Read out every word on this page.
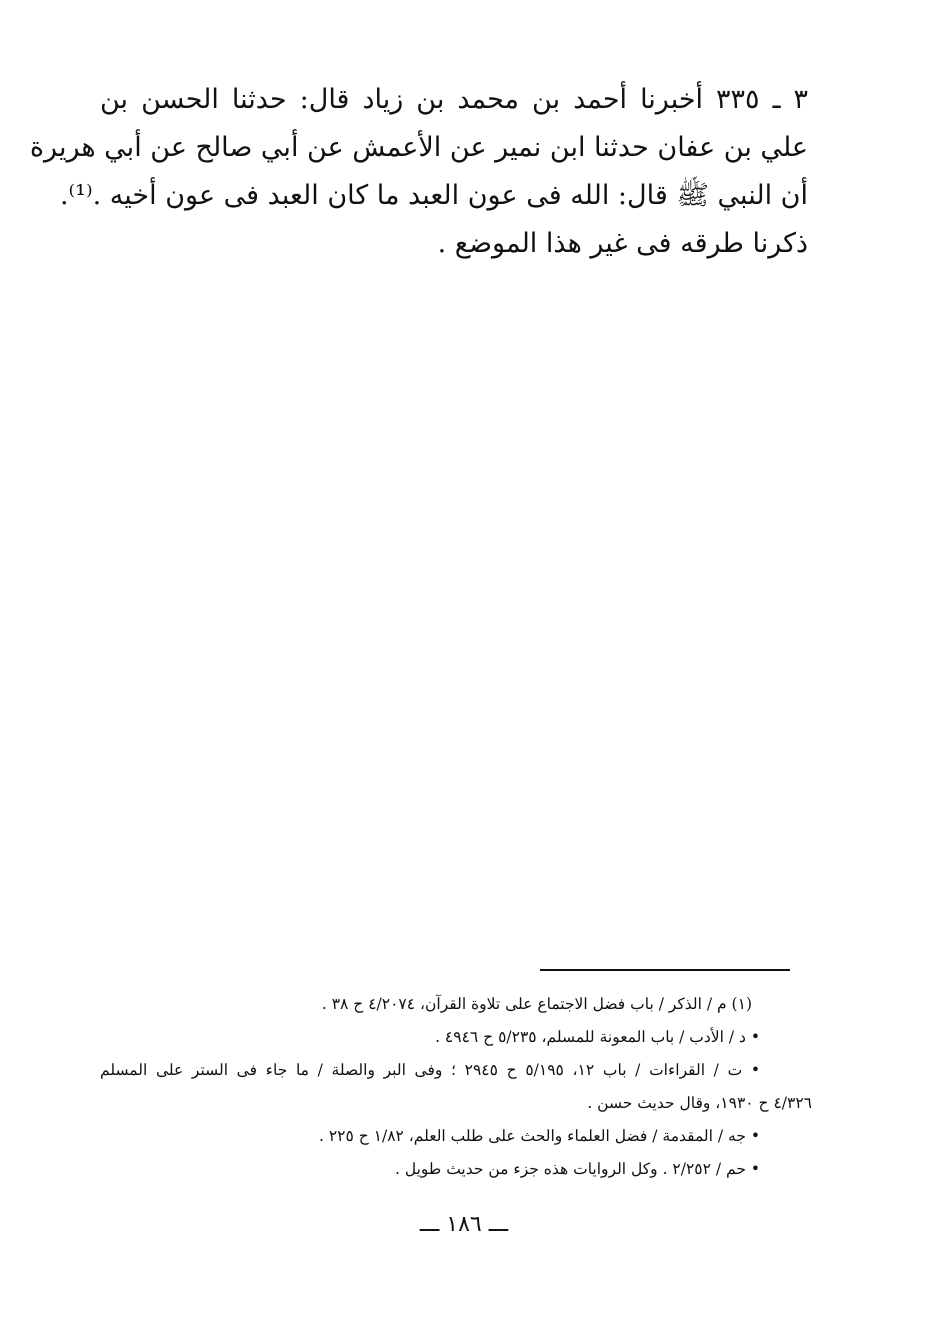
٣ ـ ٣٣٥ أخبرنا أحمد بن محمد بن زياد قال: حدثنا الحسن بن
علي بن عفان حدثنا ابن نمير عن الأعمش عن أبي صالح عن أبي هريرة
أن النبي ﷺ قال: الله فى عون العبد ما كان العبد فى عون أخيه .⁽¹⁾.
ذكرنا طرقه فى غير هذا الموضع .
(١) م / الذكر / باب فضل الاجتماع على تلاوة القرآن، ٤/٢٠٧٤ ح ٣٨ .
• د / الأدب / باب المعونة للمسلم، ٥/٢٣٥ ح ٤٩٤٦ .
• ت / القراءات / باب ١٢، ٥/١٩٥ ح ٢٩٤٥ ؛ وفى البر والصلة / ما جاء فى الستر على المسلم
٤/٣٢٦ ح ١٩٣٠، وقال حديث حسن .
• جه / المقدمة / فضل العلماء والحث على طلب العلم، ١/٨٢ ح ٢٢٥ .
• حم / ٢/٢٥٢ . وكل الروايات هذه جزء من حديث طويل .
ـــ ١٨٦ ـــ
